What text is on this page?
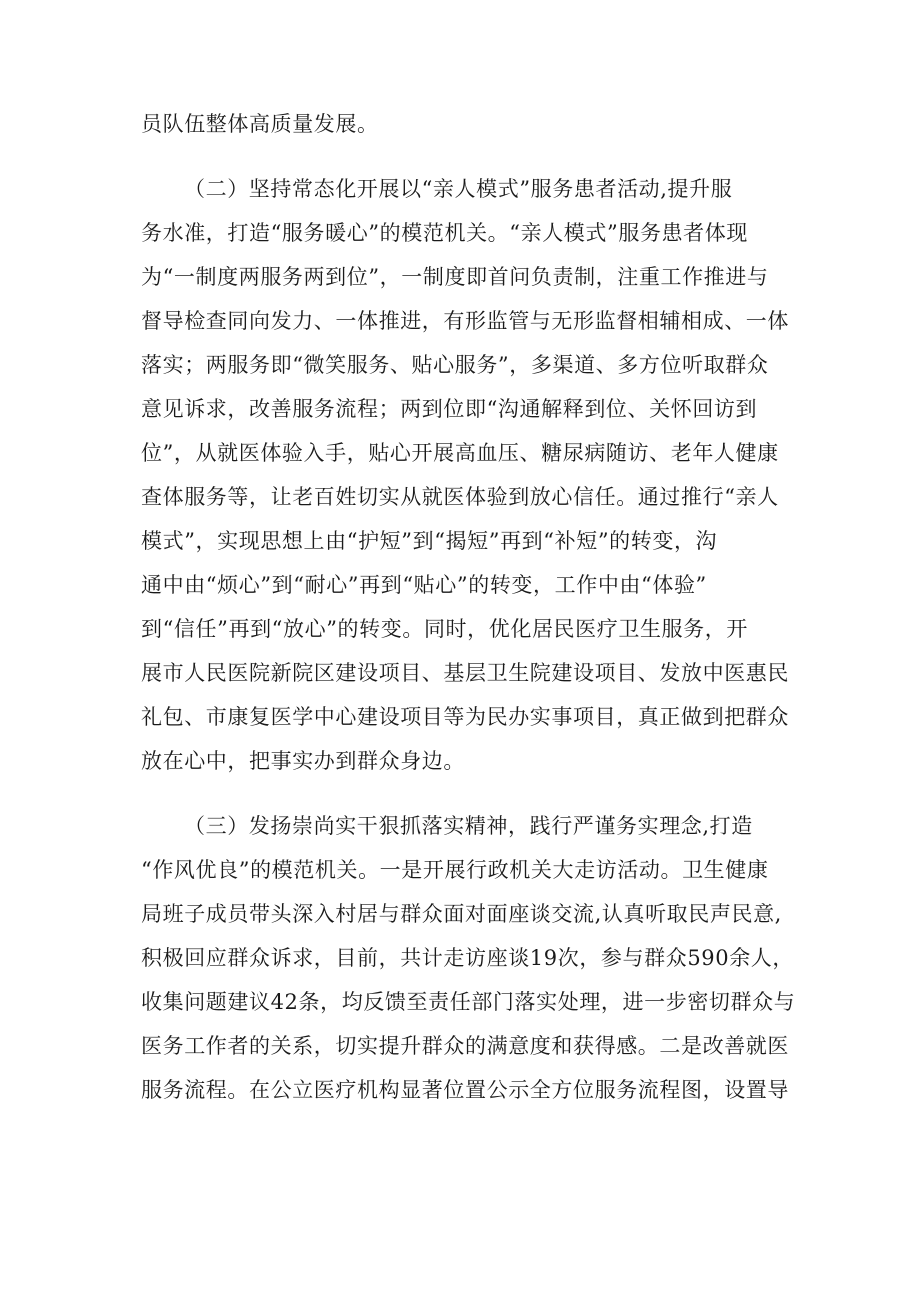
员队伍整体高质量发展。
（二）坚持常态化开展以“亲人模式”服务患者活动,提升服
务水准，打造“服务暖心”的模范机关。“亲人模式”服务患者体现
为“一制度两服务两到位”，一制度即首问负责制，注重工作推进与
督导检查同向发力、一体推进，有形监管与无形监督相辅相成、一体
落实；两服务即“微笑服务、贴心服务”，多渠道、多方位听取群众
意见诉求，改善服务流程；两到位即“沟通解释到位、关怀回访到
位”，从就医体验入手，贴心开展高血压、糖尿病随访、老年人健康
查体服务等，让老百姓切实从就医体验到放心信任。通过推行“亲人
模式”，实现思想上由“护短”到“揭短”再到“补短”的转变，沟
通中由“烦心”到“耐心”再到“贴心”的转变，工作中由“体验”
到“信任”再到“放心”的转变。同时，优化居民医疗卫生服务，开
展市人民医院新院区建设项目、基层卫生院建设项目、发放中医惠民
礼包、市康复医学中心建设项目等为民办实事项目，真正做到把群众
放在心中，把事实办到群众身边。
（三）发扬崇尚实干狠抓落实精神，践行严谨务实理念,打造
“作风优良”的模范机关。一是开展行政机关大走访活动。卫生健康
局班子成员带头深入村居与群众面对面座谈交流,认真听取民声民意,
积极回应群众诉求，目前，共计走访座谈19次，参与群众590余人，
收集问题建议42条，均反馈至责任部门落实处理，进一步密切群众与
医务工作者的关系，切实提升群众的满意度和获得感。二是改善就医
服务流程。在公立医疗机构显著位置公示全方位服务流程图，设置导
